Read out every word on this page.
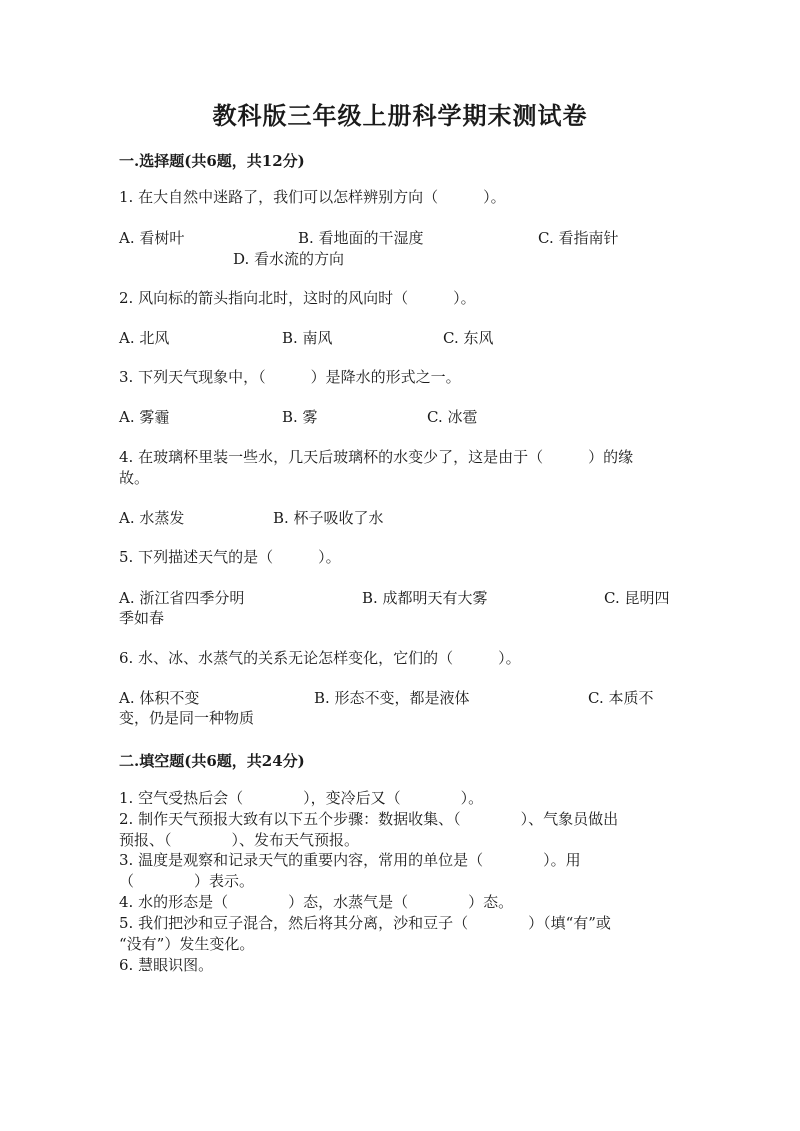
教科版三年级上册科学期末测试卷
一.选择题(共6题，共12分)
1. 在大自然中迷路了，我们可以怎样辨别方向（　　　）。
A. 看树叶	B. 看地面的干湿度	C. 看指南针
D. 看水流的方向
2. 风向标的箭头指向北时，这时的风向时（　　　）。
A. 北风	B. 南风	C. 东风
3. 下列天气现象中，（　　　）是降水的形式之一。
A. 雾霾	B. 雾	C. 冰雹
4. 在玻璃杯里装一些水，几天后玻璃杯的水变少了，这是由于（　　　）的缘
故。
A. 水蒸发	B. 杯子吸收了水
5. 下列描述天气的是（　　　）。
A. 浙江省四季分明	B. 成都明天有大雾	C. 昆明四
季如春
6. 水、冰、水蒸气的关系无论怎样变化，它们的（　　　）。
A. 体积不变	B. 形态不变，都是液体	C. 本质不
变，仍是同一种物质
二.填空题(共6题，共24分)
1. 空气受热后会（　　　　），变冷后又（　　　　）。
2. 制作天气预报大致有以下五个步骤：数据收集、（　　　　）、气象员做出
预报、（　　　　）、发布天气预报。
3. 温度是观察和记录天气的重要内容，常用的单位是（　　　　）。用
（　　　　）表示。
4. 水的形态是（　　　　）态，水蒸气是（　　　　）态。
5. 我们把沙和豆子混合，然后将其分离，沙和豆子（　　　　）（填“有”或
“没有”）发生变化。
6. 慧眼识图。
